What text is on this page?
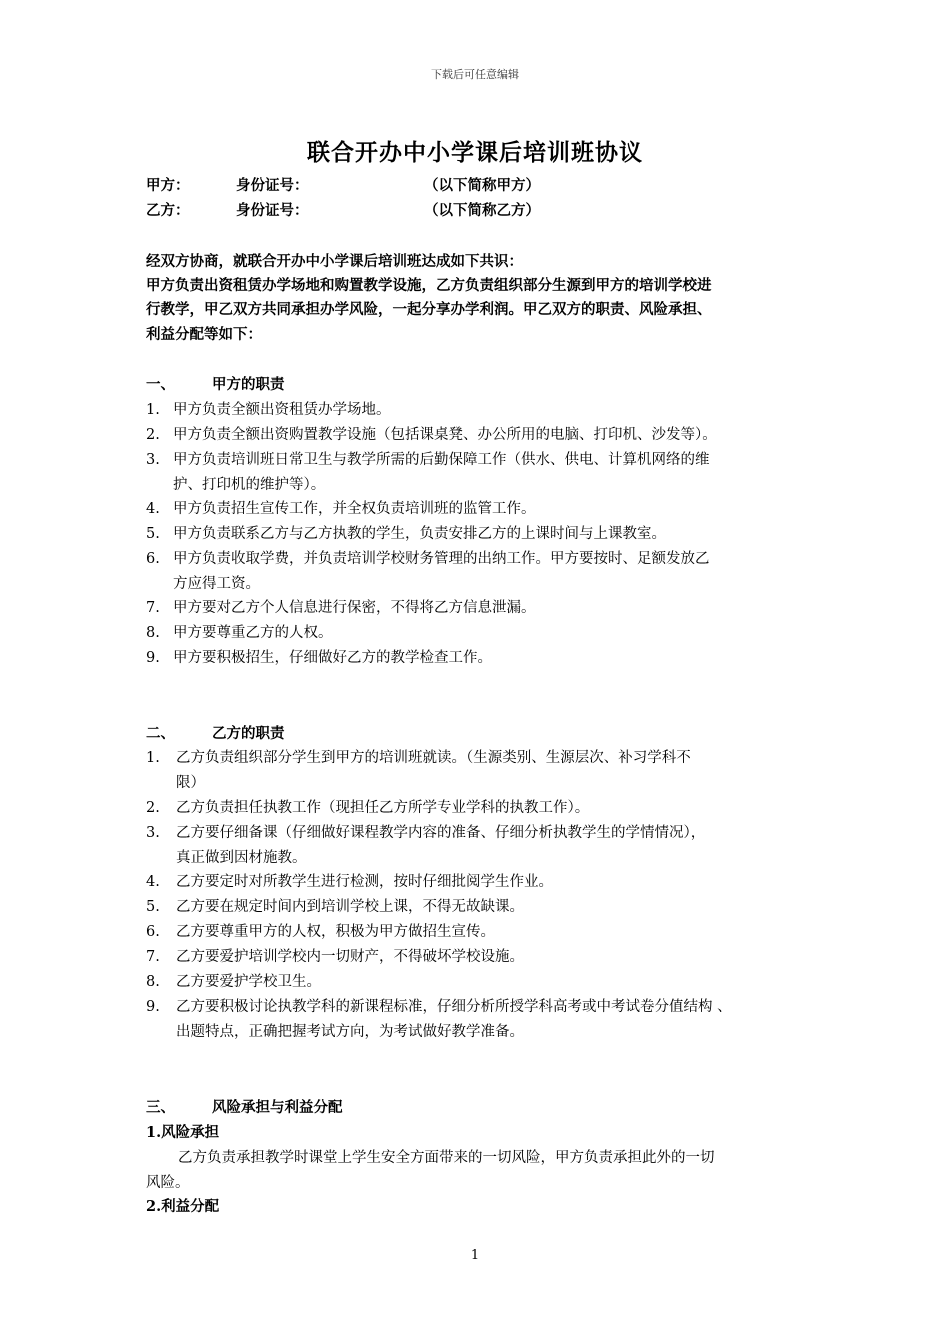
下载后可任意编辑
联合开办中小学课后培训班协议
甲方：	身份证号：	（以下简称甲方）
乙方：	身份证号：	（以下简称乙方）
经双方协商，就联合开办中小学课后培训班达成如下共识：
甲方负责出资租赁办学场地和购置教学设施，乙方负责组织部分生源到甲方的培训学校进
行教学，甲乙双方共同承担办学风险，一起分享办学利润。甲乙双方的职责、风险承担、
利益分配等如下：
一、	甲方的职责
1. 甲方负责全额出资租赁办学场地。
2. 甲方负责全额出资购置教学设施（包括课桌凳、办公所用的电脑、打印机、沙发等）。
3. 甲方负责培训班日常卫生与教学所需的后勤保障工作（供水、供电、计算机网络的维
护、打印机的维护等）。
4. 甲方负责招生宣传工作，并全权负责培训班的监管工作。
5. 甲方负责联系乙方与乙方执教的学生，负责安排乙方的上课时间与上课教室。
6. 甲方负责收取学费，并负责培训学校财务管理的出纳工作。甲方要按时、足额发放乙
方应得工资。
7. 甲方要对乙方个人信息进行保密，不得将乙方信息泄漏。
8. 甲方要尊重乙方的人权。
9. 甲方要积极招生，仔细做好乙方的教学检查工作。
二、	乙方的职责
1. 乙方负责组织部分学生到甲方的培训班就读。（生源类别、生源层次、补习学科不
限）
2. 乙方负责担任执教工作（现担任乙方所学专业学科的执教工作）。
3. 乙方要仔细备课（仔细做好课程教学内容的准备、仔细分析执教学生的学情情况），
真正做到因材施教。
4. 乙方要定时对所教学生进行检测，按时仔细批阅学生作业。
5. 乙方要在规定时间内到培训学校上课，不得无故缺课。
6. 乙方要尊重甲方的人权，积极为甲方做招生宣传。
7. 乙方要爱护培训学校内一切财产，不得破坏学校设施。
8. 乙方要爱护学校卫生。
9. 乙方要积极讨论执教学科的新课程标准，仔细分析所授学科高考或中考试卷分值结构 、
出题特点，正确把握考试方向，为考试做好教学准备。
三、	风险承担与利益分配
1.风险承担
乙方负责承担教学时课堂上学生安全方面带来的一切风险，甲方负责承担此外的一切
风险。
2.利益分配
1
